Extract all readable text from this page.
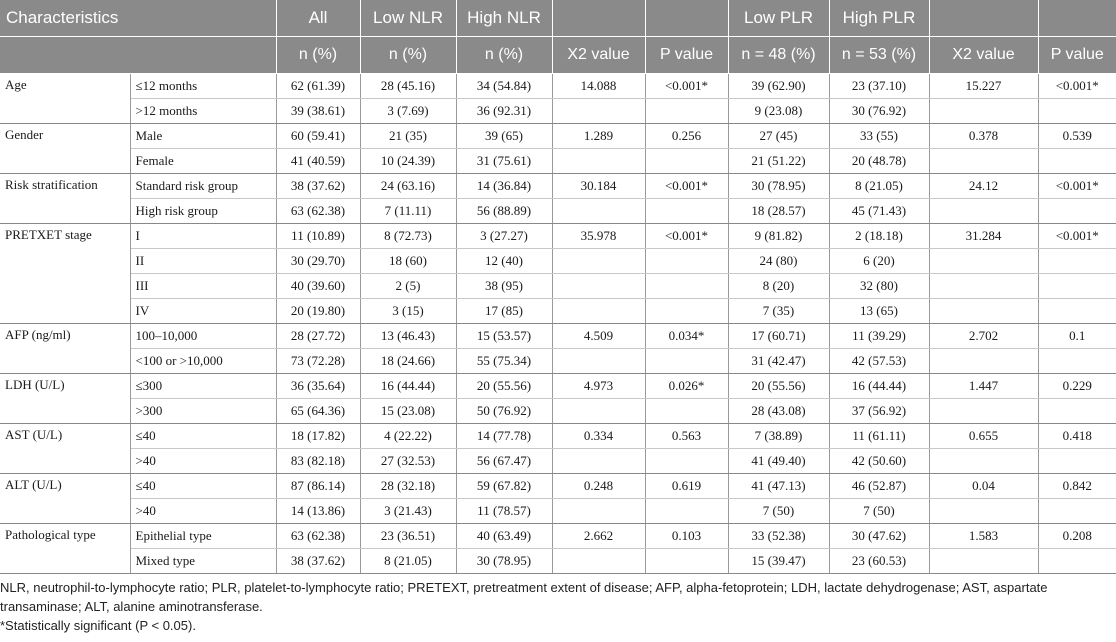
Characteristics		All	Low NLR	High NLR			Low PLR	High PLR		
		n (%)	n (%)	n (%)	X2 value	P value	n = 48 (%)	n = 53 (%)	X2 value	P value
Age	≤12 months	62 (61.39)	28 (45.16)	34 (54.84)	14.088	<0.001*	39 (62.90)	23 (37.10)	15.227	<0.001*
	>12 months	39 (38.61)	3 (7.69)	36 (92.31)			9 (23.08)	30 (76.92)		
Gender	Male	60 (59.41)	21 (35)	39 (65)	1.289	0.256	27 (45)	33 (55)	0.378	0.539
	Female	41 (40.59)	10 (24.39)	31 (75.61)			21 (51.22)	20 (48.78)		
Risk stratification	Standard risk group	38 (37.62)	24 (63.16)	14 (36.84)	30.184	<0.001*	30 (78.95)	8 (21.05)	24.12	<0.001*
	High risk group	63 (62.38)	7 (11.11)	56 (88.89)			18 (28.57)	45 (71.43)		
PRETXET stage	I	11 (10.89)	8 (72.73)	3 (27.27)	35.978	<0.001*	9 (81.82)	2 (18.18)	31.284	<0.001*
	II	30 (29.70)	18 (60)	12 (40)			24 (80)	6 (20)		
	III	40 (39.60)	2 (5)	38 (95)			8 (20)	32 (80)		
	IV	20 (19.80)	3 (15)	17 (85)			7 (35)	13 (65)		
AFP (ng/ml)	100–10,000	28 (27.72)	13 (46.43)	15 (53.57)	4.509	0.034*	17 (60.71)	11 (39.29)	2.702	0.1
	<100 or >10,000	73 (72.28)	18 (24.66)	55 (75.34)			31 (42.47)	42 (57.53)		
LDH (U/L)	≤300	36 (35.64)	16 (44.44)	20 (55.56)	4.973	0.026*	20 (55.56)	16 (44.44)	1.447	0.229
	>300	65 (64.36)	15 (23.08)	50 (76.92)			28 (43.08)	37 (56.92)		
AST (U/L)	≤40	18 (17.82)	4 (22.22)	14 (77.78)	0.334	0.563	7 (38.89)	11 (61.11)	0.655	0.418
	>40	83 (82.18)	27 (32.53)	56 (67.47)			41 (49.40)	42 (50.60)		
ALT (U/L)	≤40	87 (86.14)	28 (32.18)	59 (67.82)	0.248	0.619	41 (47.13)	46 (52.87)	0.04	0.842
	>40	14 (13.86)	3 (21.43)	11 (78.57)			7 (50)	7 (50)		
Pathological type	Epithelial type	63 (62.38)	23 (36.51)	40 (63.49)	2.662	0.103	33 (52.38)	30 (47.62)	1.583	0.208
	Mixed type	38 (37.62)	8 (21.05)	30 (78.95)			15 (39.47)	23 (60.53)		

NLR, neutrophil-to-lymphocyte ratio; PLR, platelet-to-lymphocyte ratio; PRETEXT, pretreatment extent of disease; AFP, alpha-fetoprotein; LDH, lactate dehydrogenase; AST, aspartate transaminase; ALT, alanine aminotransferase.

*Statistically significant (P < 0.05).
